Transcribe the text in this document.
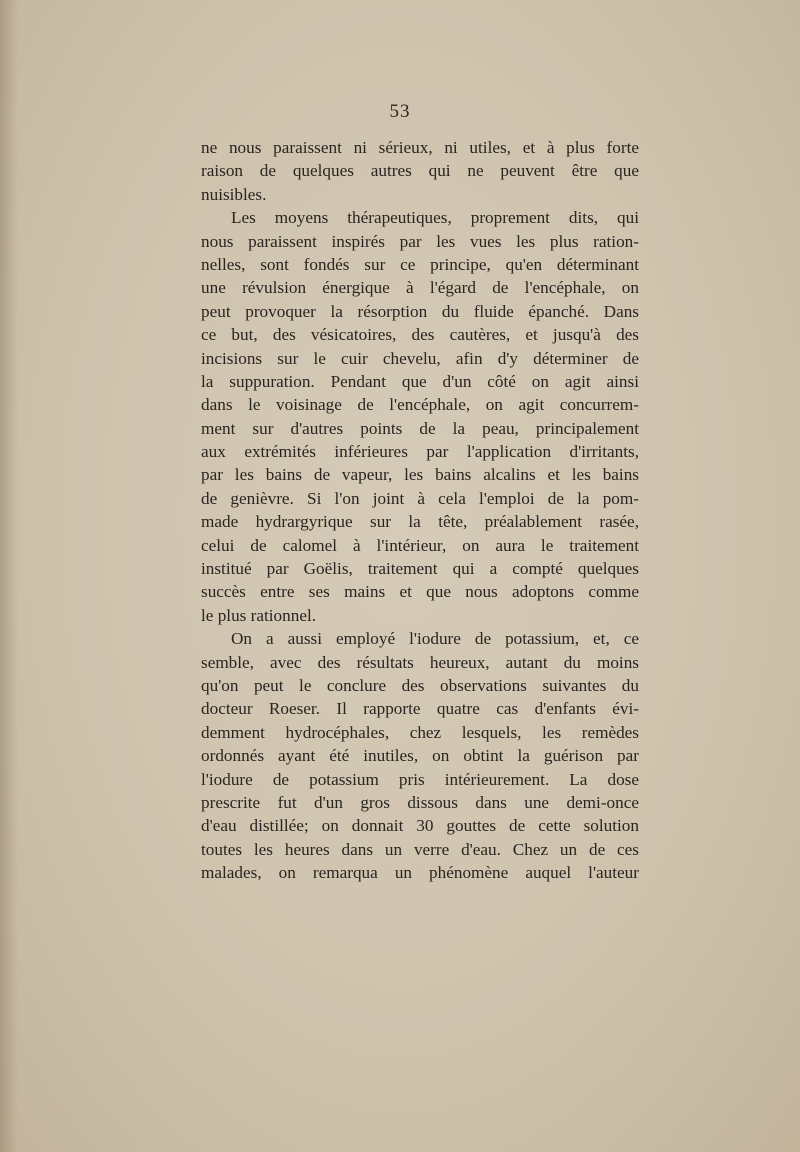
53
ne nous paraissent ni sérieux, ni utiles, et à plus forte
raison de quelques autres qui ne peuvent être que
nuisibles.
Les moyens thérapeutiques, proprement dits, qui
nous paraissent inspirés par les vues les plus ration-
nelles, sont fondés sur ce principe, qu'en déterminant
une révulsion énergique à l'égard de l'encéphale, on
peut provoquer la résorption du fluide épanché. Dans
ce but, des vésicatoires, des cautères, et jusqu'à des
incisions sur le cuir chevelu, afin d'y déterminer de
la suppuration. Pendant que d'un côté on agit ainsi
dans le voisinage de l'encéphale, on agit concurrem-
ment sur d'autres points de la peau, principalement
aux extrémités inférieures par l'application d'irritants,
par les bains de vapeur, les bains alcalins et les bains
de genièvre. Si l'on joint à cela l'emploi de la pom-
made hydrargyrique sur la tête, préalablement rasée,
celui de calomel à l'intérieur, on aura le traitement
institué par Goëlis, traitement qui a compté quelques
succès entre ses mains et que nous adoptons comme
le plus rationnel.
On a aussi employé l'iodure de potassium, et, ce
semble, avec des résultats heureux, autant du moins
qu'on peut le conclure des observations suivantes du
docteur Roeser. Il rapporte quatre cas d'enfants évi-
demment hydrocéphales, chez lesquels, les remèdes
ordonnés ayant été inutiles, on obtint la guérison par
l'iodure de potassium pris intérieurement. La dose
prescrite fut d'un gros dissous dans une demi-once
d'eau distillée; on donnait 30 gouttes de cette solution
toutes les heures dans un verre d'eau. Chez un de ces
malades, on remarqua un phénomène auquel l'auteur
